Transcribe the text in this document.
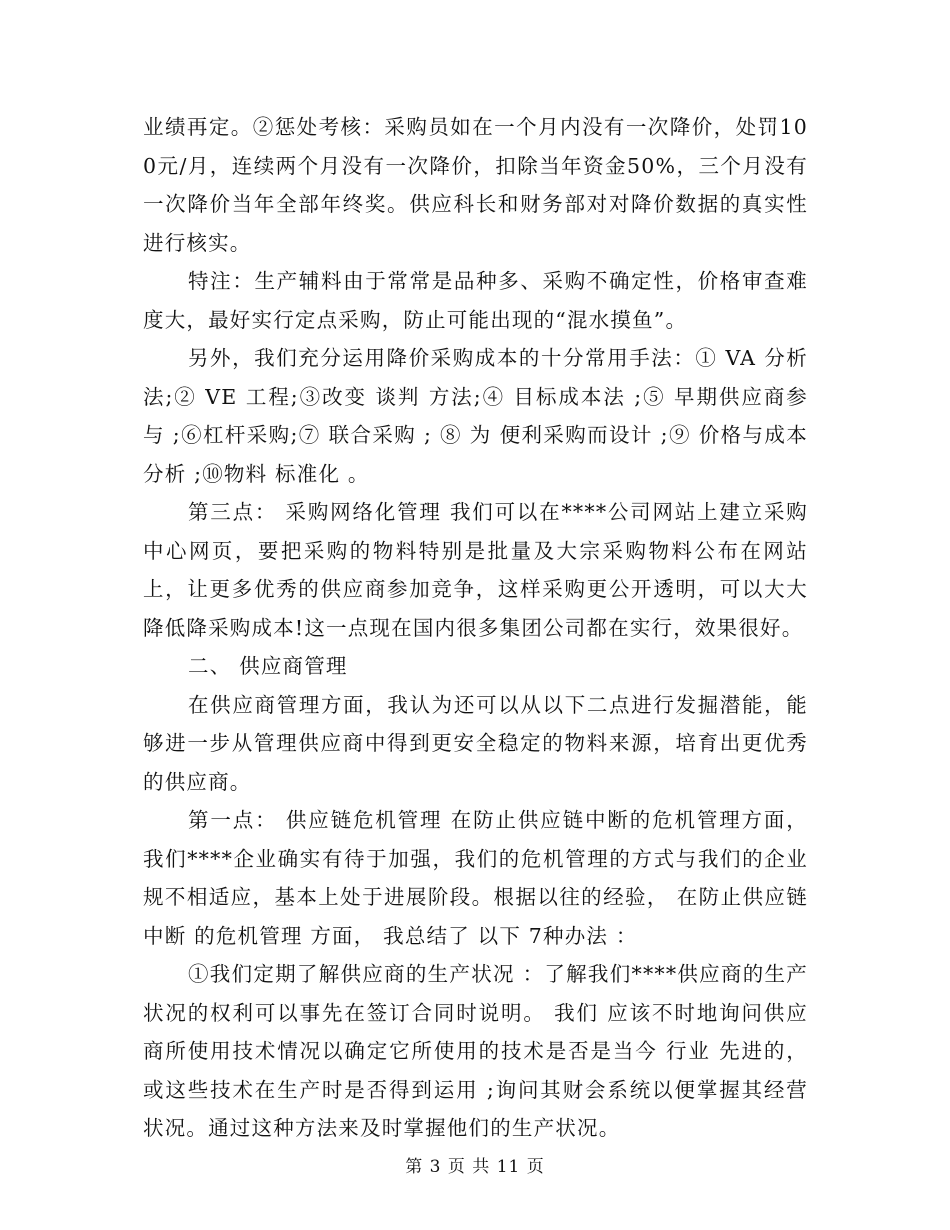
业绩再定。②惩处考核：采购员如在一个月内没有一次降价，处罚100元/月，连续两个月没有一次降价，扣除当年资金50%，三个月没有一次降价当年全部年终奖。供应科长和财务部对对降价数据的真实性进行核实。

特注：生产辅料由于常常是品种多、采购不确定性，价格审查难度大，最好实行定点采购，防止可能出现的“混水摸鱼”。

另外，我们充分运用降价采购成本的十分常用手法：① VA 分析法;② VE 工程;③改变 谈判 方法;④ 目标成本法 ;⑤ 早期供应商参 与 ;⑥杠杆采购;⑦ 联合采购 ; ⑧ 为 便利采购而设计 ;⑨ 价格与成本分析 ;⑩物料 标准化 。

第三点： 采购网络化管理 我们可以在****公司网站上建立采购中心网页，要把采购的物料特别是批量及大宗采购物料公布在网站上，让更多优秀的供应商参加竞争，这样采购更公开透明，可以大大降低降采购成本!这一点现在国内很多集团公司都在实行，效果很好。

二、 供应商管理

在供应商管理方面，我认为还可以从以下二点进行发掘潜能，能够进一步从管理供应商中得到更安全稳定的物料来源，培育出更优秀的供应商。

第一点： 供应链危机管理 在防止供应链中断的危机管理方面，我们****企业确实有待于加强，我们的危机管理的方式与我们的企业规不相适应，基本上处于进展阶段。根据以往的经验， 在防止供应链中断 的危机管理 方面， 我总结了 以下 7种办法 ：

①我们定期了解供应商的生产状况 ：了解我们****供应商的生产状况的权利可以事先在签订合同时说明。 我们 应该不时地询问供应商所使用技术情况以确定它所使用的技术是否是当今 行业 先进的，或这些技术在生产时是否得到运用 ;询问其财会系统以便掌握其经营状况。通过这种方法来及时掌握他们的生产状况。

第 3 页 共 11 页
